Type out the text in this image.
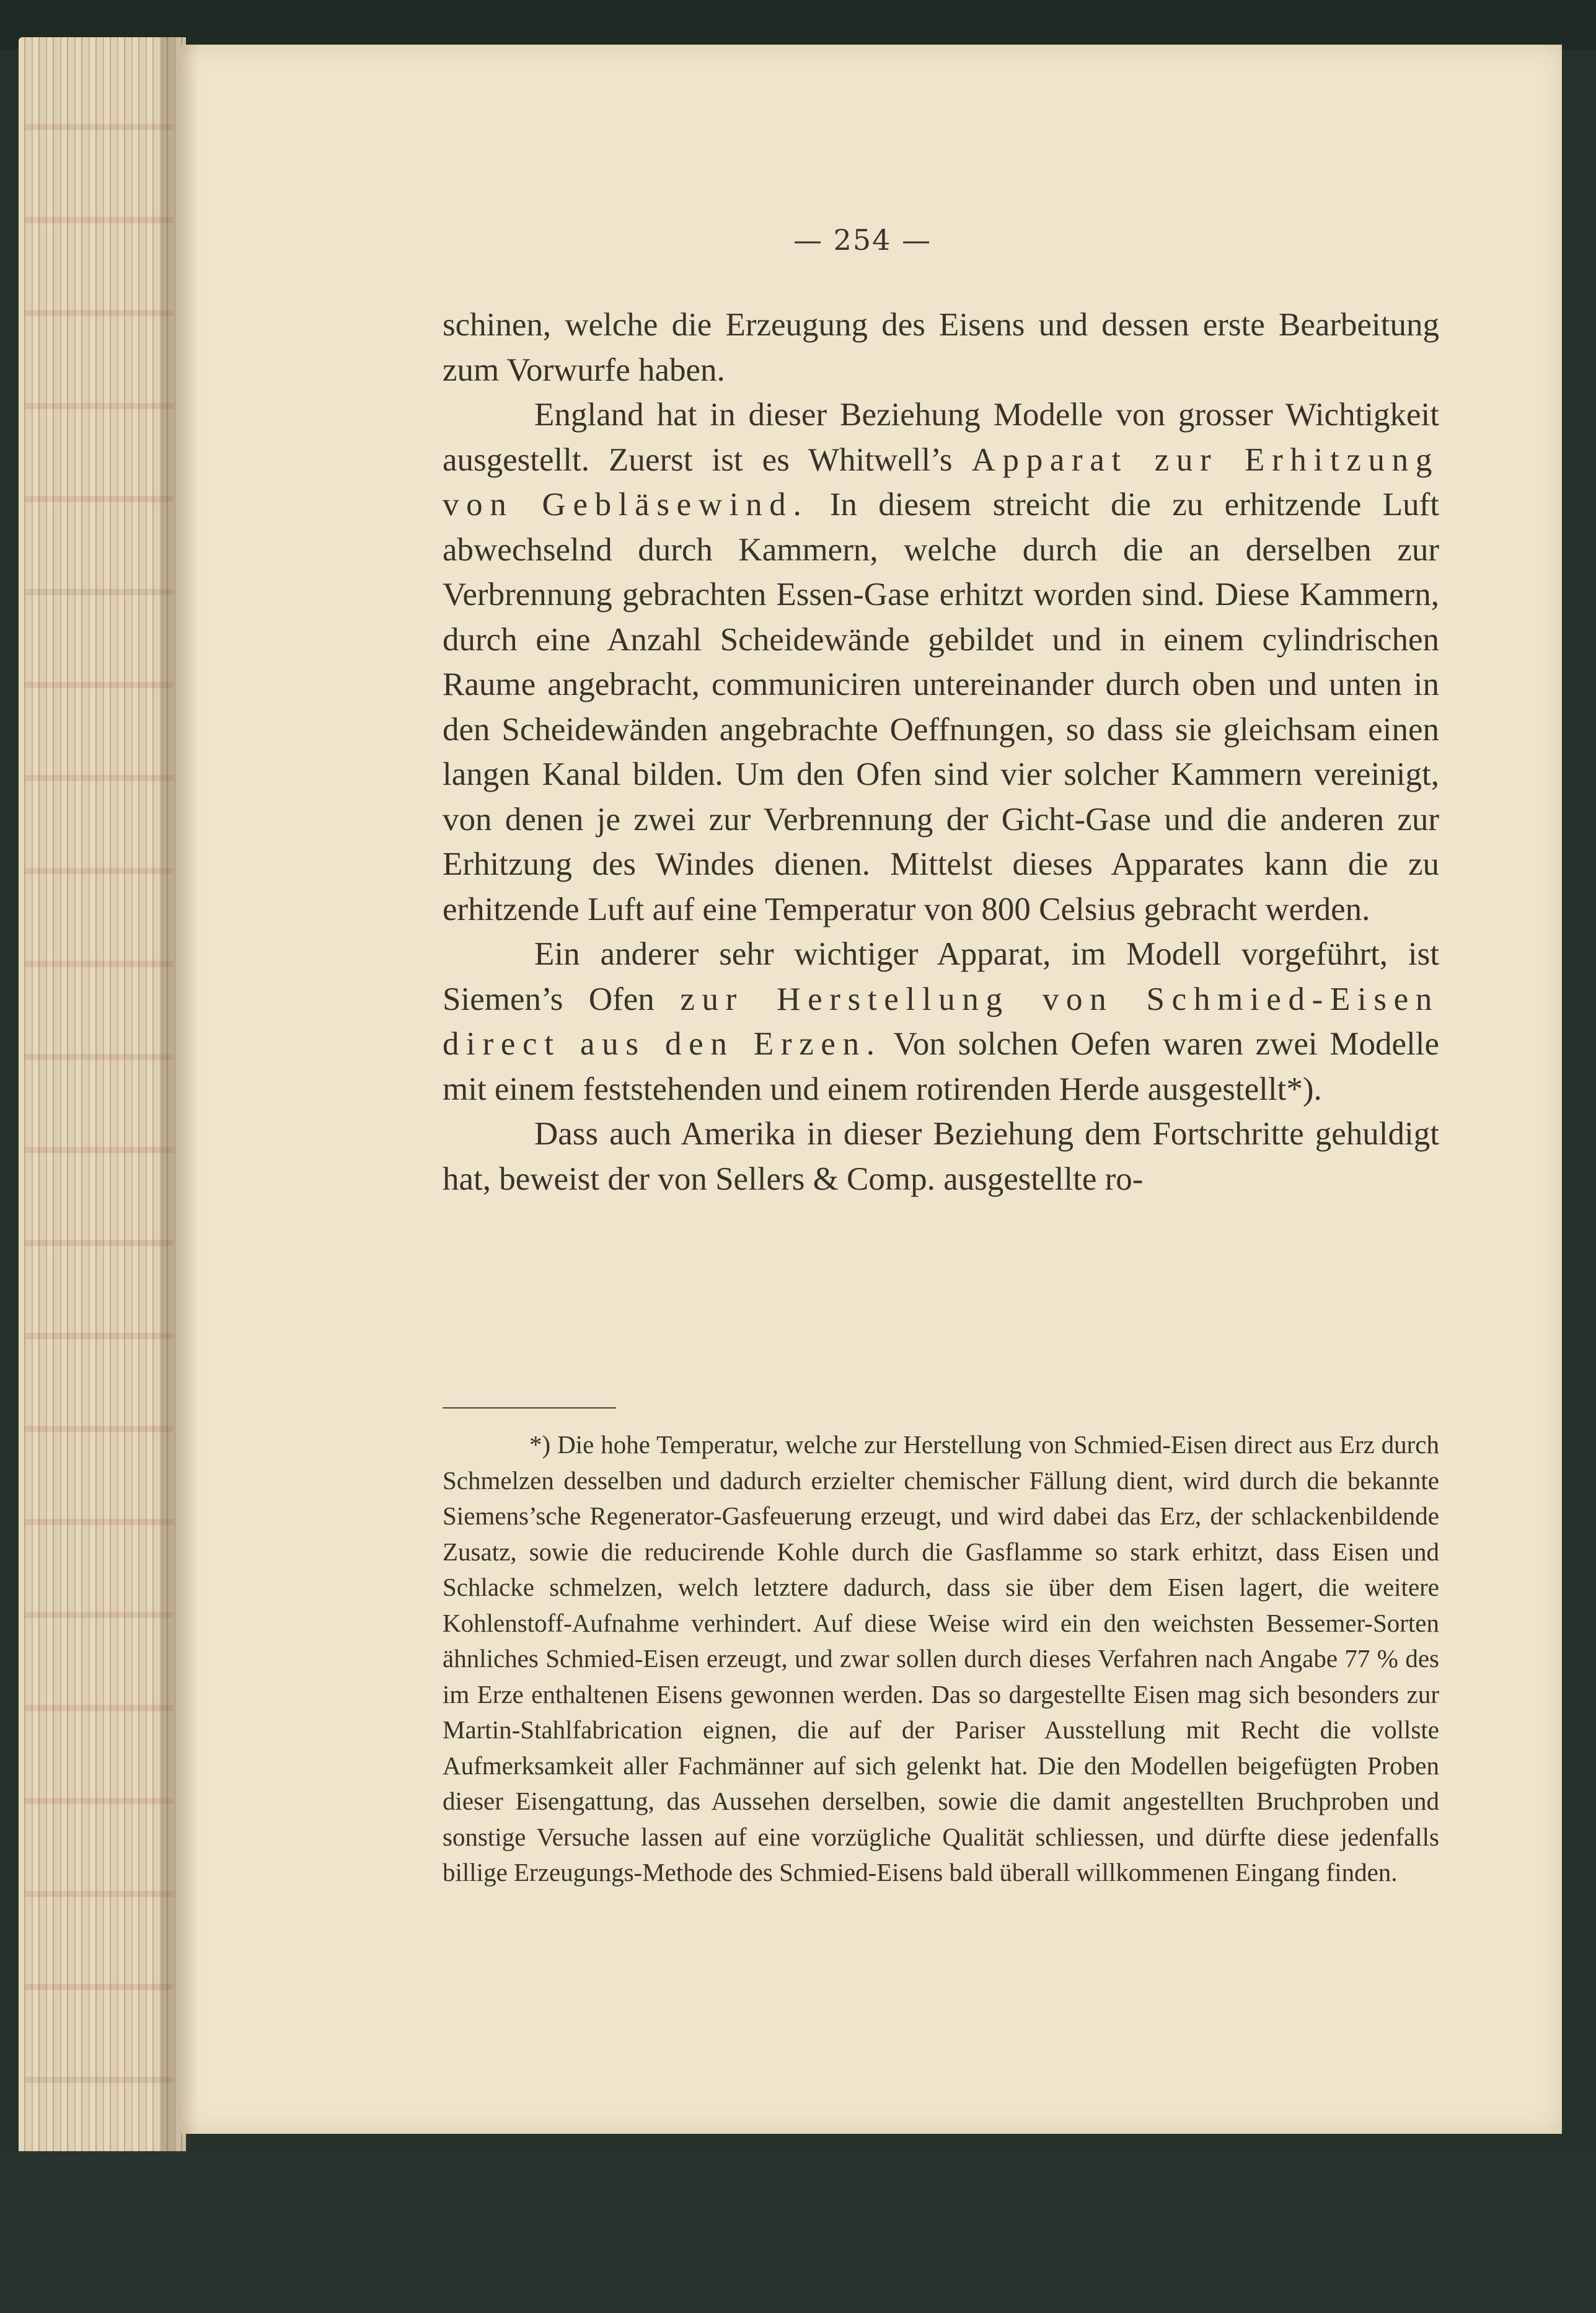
— 254 —

schinen, welche die Erzeugung des Eisens und dessen erste Bearbeitung zum Vorwurfe haben.

England hat in dieser Beziehung Modelle von grosser Wichtigkeit ausgestellt. Zuerst ist es Whitwell’s Apparat zur Erhitzung von Gebläsewind. In diesem streicht die zu erhitzende Luft abwechselnd durch Kammern, welche durch die an derselben zur Verbrennung gebrachten Essen-Gase erhitzt worden sind. Diese Kammern, durch eine Anzahl Scheidewände gebildet und in einem cylindrischen Raume angebracht, communiciren untereinander durch oben und unten in den Scheidewänden angebrachte Oeffnungen, so dass sie gleichsam einen langen Kanal bilden. Um den Ofen sind vier solcher Kammern vereinigt, von denen je zwei zur Verbrennung der Gicht-Gase und die anderen zur Erhitzung des Windes dienen. Mittelst dieses Apparates kann die zu erhitzende Luft auf eine Temperatur von 800 Celsius gebracht werden.

Ein anderer sehr wichtiger Apparat, im Modell vorgeführt, ist Siemen’s Ofen zur Herstellung von Schmied-Eisen direct aus den Erzen. Von solchen Oefen waren zwei Modelle mit einem feststehenden und einem rotirenden Herde ausgestellt*).

Dass auch Amerika in dieser Beziehung dem Fortschritte gehuldigt hat, beweist der von Sellers & Comp. ausgestellte ro-

*) Die hohe Temperatur, welche zur Herstellung von Schmied-Eisen direct aus Erz durch Schmelzen desselben und dadurch erzielter chemischer Fällung dient, wird durch die bekannte Siemens’sche Regenerator-Gasfeuerung erzeugt, und wird dabei das Erz, der schlackenbildende Zusatz, sowie die reducirende Kohle durch die Gasflamme so stark erhitzt, dass Eisen und Schlacke schmelzen, welch letztere dadurch, dass sie über dem Eisen lagert, die weitere Kohlenstoff-Aufnahme verhindert. Auf diese Weise wird ein den weichsten Bessemer-Sorten ähnliches Schmied-Eisen erzeugt, und zwar sollen durch dieses Verfahren nach Angabe 77 % des im Erze enthaltenen Eisens gewonnen werden. Das so dargestellte Eisen mag sich besonders zur Martin-Stahlfabrication eignen, die auf der Pariser Ausstellung mit Recht die vollste Aufmerksamkeit aller Fachmänner auf sich gelenkt hat. Die den Modellen beigefügten Proben dieser Eisengattung, das Aussehen derselben, sowie die damit angestellten Bruchproben und sonstige Versuche lassen auf eine vorzügliche Qualität schliessen, und dürfte diese jedenfalls billige Erzeugungs-Methode des Schmied-Eisens bald überall willkommenen Eingang finden.
